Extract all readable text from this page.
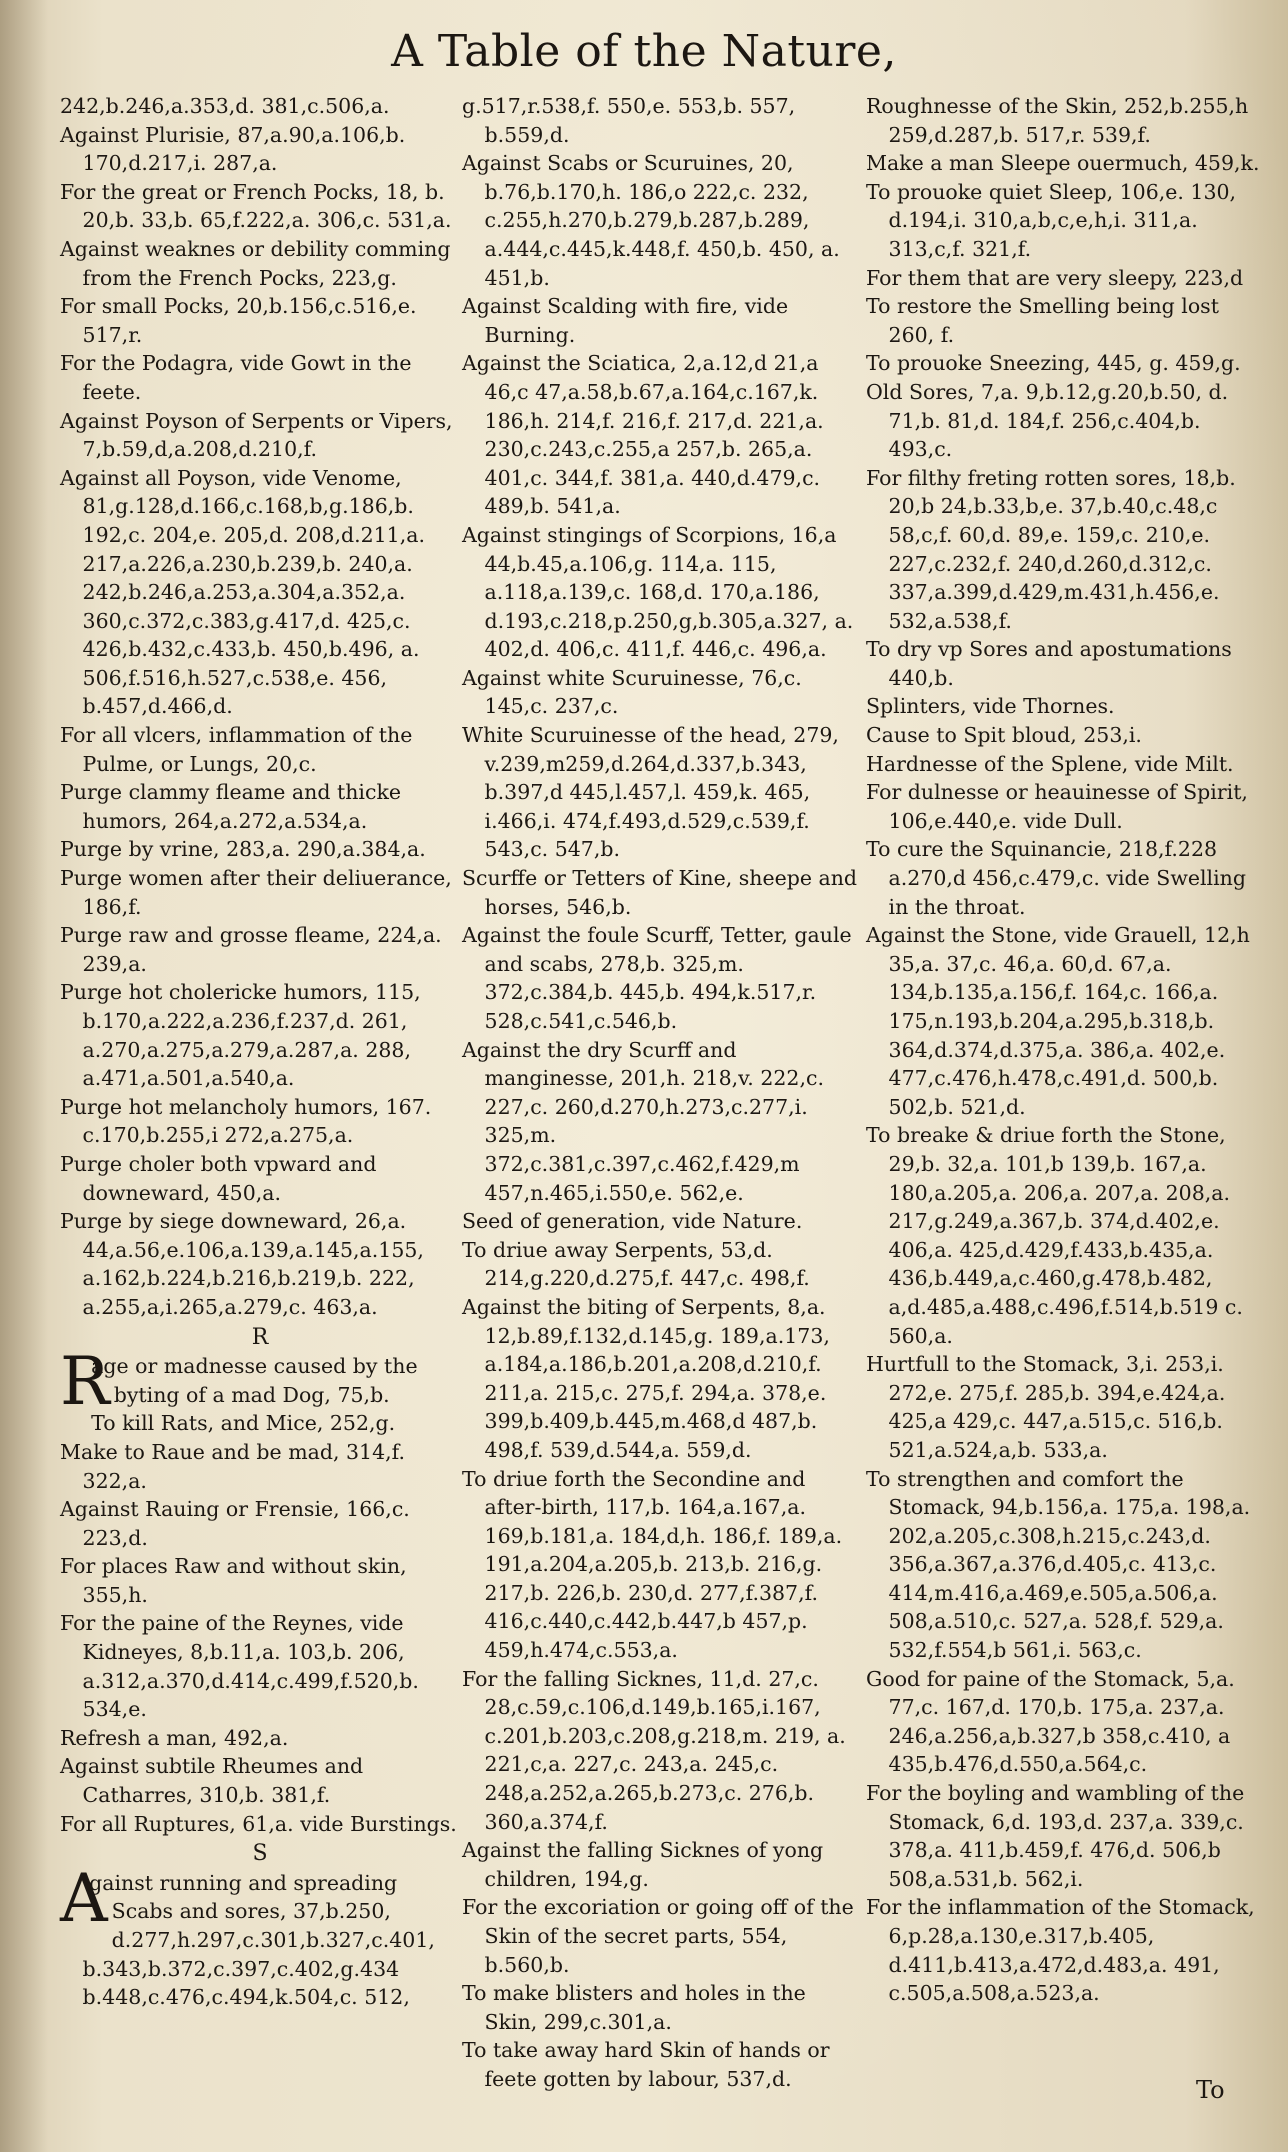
A Table of the Nature,

242,b.246,a.353,d. 381,c.506,a.

Against Plurisie, 87,a.90,a.106,b. 170,d.217,i. 287,a.

For the great or French Pocks, 18, b. 20,b. 33,b. 65,f.222,a. 306,c. 531,a.

Against weaknes or debility comming from the French Pocks, 223,g.

For small Pocks, 20,b.156,c.516,e. 517,r.

For the Podagra, vide Gowt in the feete.

Against Poyson of Serpents or Vipers, 7,b.59,d,a.208,d.210,f.

Against all Poyson, vide Venome, 81,g.128,d.166,c.168,b,g.186,b. 192,c. 204,e. 205,d. 208,d.211,a. 217,a.226,a.230,b.239,b. 240,a. 242,b.246,a.253,a.304,a.352,a. 360,c.372,c.383,g.417,d. 425,c. 426,b.432,c.433,b. 450,b.496, a. 506,f.516,h.527,c.538,e. 456, b.457,d.466,d.

For all vlcers, inflammation of the Pulme, or Lungs, 20,c.

Purge clammy fleame and thicke humors, 264,a.272,a.534,a.

Purge by vrine, 283,a. 290,a.384,a.

Purge women after their deliuerance, 186,f.

Purge raw and grosse fleame, 224,a. 239,a.

Purge hot cholericke humors, 115, b.170,a.222,a.236,f.237,d. 261, a.270,a.275,a.279,a.287,a. 288, a.471,a.501,a.540,a.

Purge hot melancholy humors, 167. c.170,b.255,i 272,a.275,a.

Purge choler both vpward and downeward, 450,a.

Purge by siege downeward, 26,a. 44,a.56,e.106,a.139,a.145,a.155, a.162,b.224,b.216,b.219,b. 222, a.255,a,i.265,a.279,c. 463,a.

R

Rage or madnesse caused by the byting of a mad Dog, 75,b.

To kill Rats, and Mice, 252,g.

Make to Raue and be mad, 314,f. 322,a.

Against Rauing or Frensie, 166,c. 223,d.

For places Raw and without skin, 355,h.

For the paine of the Reynes, vide Kidneyes, 8,b.11,a. 103,b. 206, a.312,a.370,d.414,c.499,f.520,b. 534,e.

Refresh a man, 492,a.

Against subtile Rheumes and Catharres, 310,b. 381,f.

For all Ruptures, 61,a. vide Burstings.

S

Against running and spreading Scabs and sores, 37,b.250, d.277,h.297,c.301,b.327,c.401, b.343,b.372,c.397,c.402,g.434 b.448,c.476,c.494,k.504,c. 512,

g.517,r.538,f. 550,e. 553,b. 557, b.559,d.

Against Scabs or Scuruines, 20, b.76,b.170,h. 186,o 222,c. 232, c.255,h.270,b.279,b.287,b.289, a.444,c.445,k.448,f. 450,b. 450, a. 451,b.

Against Scalding with fire, vide Burning.

Against the Sciatica, 2,a.12,d 21,a 46,c 47,a.58,b.67,a.164,c.167,k. 186,h. 214,f. 216,f. 217,d. 221,a. 230,c.243,c.255,a 257,b. 265,a. 401,c. 344,f. 381,a. 440,d.479,c. 489,b. 541,a.

Against stingings of Scorpions, 16,a 44,b.45,a.106,g. 114,a. 115, a.118,a.139,c. 168,d. 170,a.186, d.193,c.218,p.250,g,b.305,a.327, a. 402,d. 406,c. 411,f. 446,c. 496,a.

Against white Scuruinesse, 76,c. 145,c. 237,c.

White Scuruinesse of the head, 279, v.239,m259,d.264,d.337,b.343, b.397,d 445,l.457,l. 459,k. 465, i.466,i. 474,f.493,d.529,c.539,f. 543,c. 547,b.

Scurffe or Tetters of Kine, sheepe and horses, 546,b.

Against the foule Scurff, Tetter, gaule and scabs, 278,b. 325,m. 372,c.384,b. 445,b. 494,k.517,r. 528,c.541,c.546,b.

Against the dry Scurff and manginesse, 201,h. 218,v. 222,c. 227,c. 260,d.270,h.273,c.277,i. 325,m. 372,c.381,c.397,c.462,f.429,m 457,n.465,i.550,e. 562,e.

Seed of generation, vide Nature.

To driue away Serpents, 53,d. 214,g.220,d.275,f. 447,c. 498,f.

Against the biting of Serpents, 8,a. 12,b.89,f.132,d.145,g. 189,a.173, a.184,a.186,b.201,a.208,d.210,f. 211,a. 215,c. 275,f. 294,a. 378,e. 399,b.409,b.445,m.468,d 487,b. 498,f. 539,d.544,a. 559,d.

To driue forth the Secondine and after-birth, 117,b. 164,a.167,a. 169,b.181,a. 184,d,h. 186,f. 189,a. 191,a.204,a.205,b. 213,b. 216,g. 217,b. 226,b. 230,d. 277,f.387,f. 416,c.440,c.442,b.447,b 457,p. 459,h.474,c.553,a.

For the falling Sicknes, 11,d. 27,c. 28,c.59,c.106,d.149,b.165,i.167, c.201,b.203,c.208,g.218,m. 219, a. 221,c,a. 227,c. 243,a. 245,c. 248,a.252,a.265,b.273,c. 276,b. 360,a.374,f.

Against the falling Sicknes of yong children, 194,g.

For the excoriation or going off of the Skin of the secret parts, 554, b.560,b.

To make blisters and holes in the Skin, 299,c.301,a.

To take away hard Skin of hands or feete gotten by labour, 537,d.

Roughnesse of the Skin, 252,b.255,h 259,d.287,b. 517,r. 539,f.

Make a man Sleepe ouermuch, 459,k.

To prouoke quiet Sleep, 106,e. 130, d.194,i. 310,a,b,c,e,h,i. 311,a. 313,c,f. 321,f.

For them that are very sleepy, 223,d

To restore the Smelling being lost 260, f.

To prouoke Sneezing, 445, g. 459,g.

Old Sores, 7,a. 9,b.12,g.20,b.50, d. 71,b. 81,d. 184,f. 256,c.404,b. 493,c.

For filthy freting rotten sores, 18,b. 20,b 24,b.33,b,e. 37,b.40,c.48,c 58,c,f. 60,d. 89,e. 159,c. 210,e. 227,c.232,f. 240,d.260,d.312,c. 337,a.399,d.429,m.431,h.456,e. 532,a.538,f.

To dry vp Sores and apostumations 440,b.

Splinters, vide Thornes.

Cause to Spit bloud, 253,i.

Hardnesse of the Splene, vide Milt.

For dulnesse or heauinesse of Spirit, 106,e.440,e. vide Dull.

To cure the Squinancie, 218,f.228 a.270,d 456,c.479,c. vide Swelling in the throat.

Against the Stone, vide Grauell, 12,h 35,a. 37,c. 46,a. 60,d. 67,a. 134,b.135,a.156,f. 164,c. 166,a. 175,n.193,b.204,a.295,b.318,b. 364,d.374,d.375,a. 386,a. 402,e. 477,c.476,h.478,c.491,d. 500,b. 502,b. 521,d.

To breake & driue forth the Stone, 29,b. 32,a. 101,b 139,b. 167,a. 180,a.205,a. 206,a. 207,a. 208,a. 217,g.249,a.367,b. 374,d.402,e. 406,a. 425,d.429,f.433,b.435,a. 436,b.449,a,c.460,g.478,b.482, a,d.485,a.488,c.496,f.514,b.519 c. 560,a.

Hurtfull to the Stomack, 3,i. 253,i. 272,e. 275,f. 285,b. 394,e.424,a. 425,a 429,c. 447,a.515,c. 516,b. 521,a.524,a,b. 533,a.

To strengthen and comfort the Stomack, 94,b.156,a. 175,a. 198,a. 202,a.205,c.308,h.215,c.243,d. 356,a.367,a.376,d.405,c. 413,c. 414,m.416,a.469,e.505,a.506,a. 508,a.510,c. 527,a. 528,f. 529,a. 532,f.554,b 561,i. 563,c.

Good for paine of the Stomack, 5,a. 77,c. 167,d. 170,b. 175,a. 237,a. 246,a.256,a,b.327,b 358,c.410, a 435,b.476,d.550,a.564,c.

For the boyling and wambling of the Stomack, 6,d. 193,d. 237,a. 339,c. 378,a. 411,b.459,f. 476,d. 506,b 508,a.531,b. 562,i.

For the inflammation of the Stomack, 6,p.28,a.130,e.317,b.405, d.411,b.413,a.472,d.483,a. 491, c.505,a.508,a.523,a.

To
